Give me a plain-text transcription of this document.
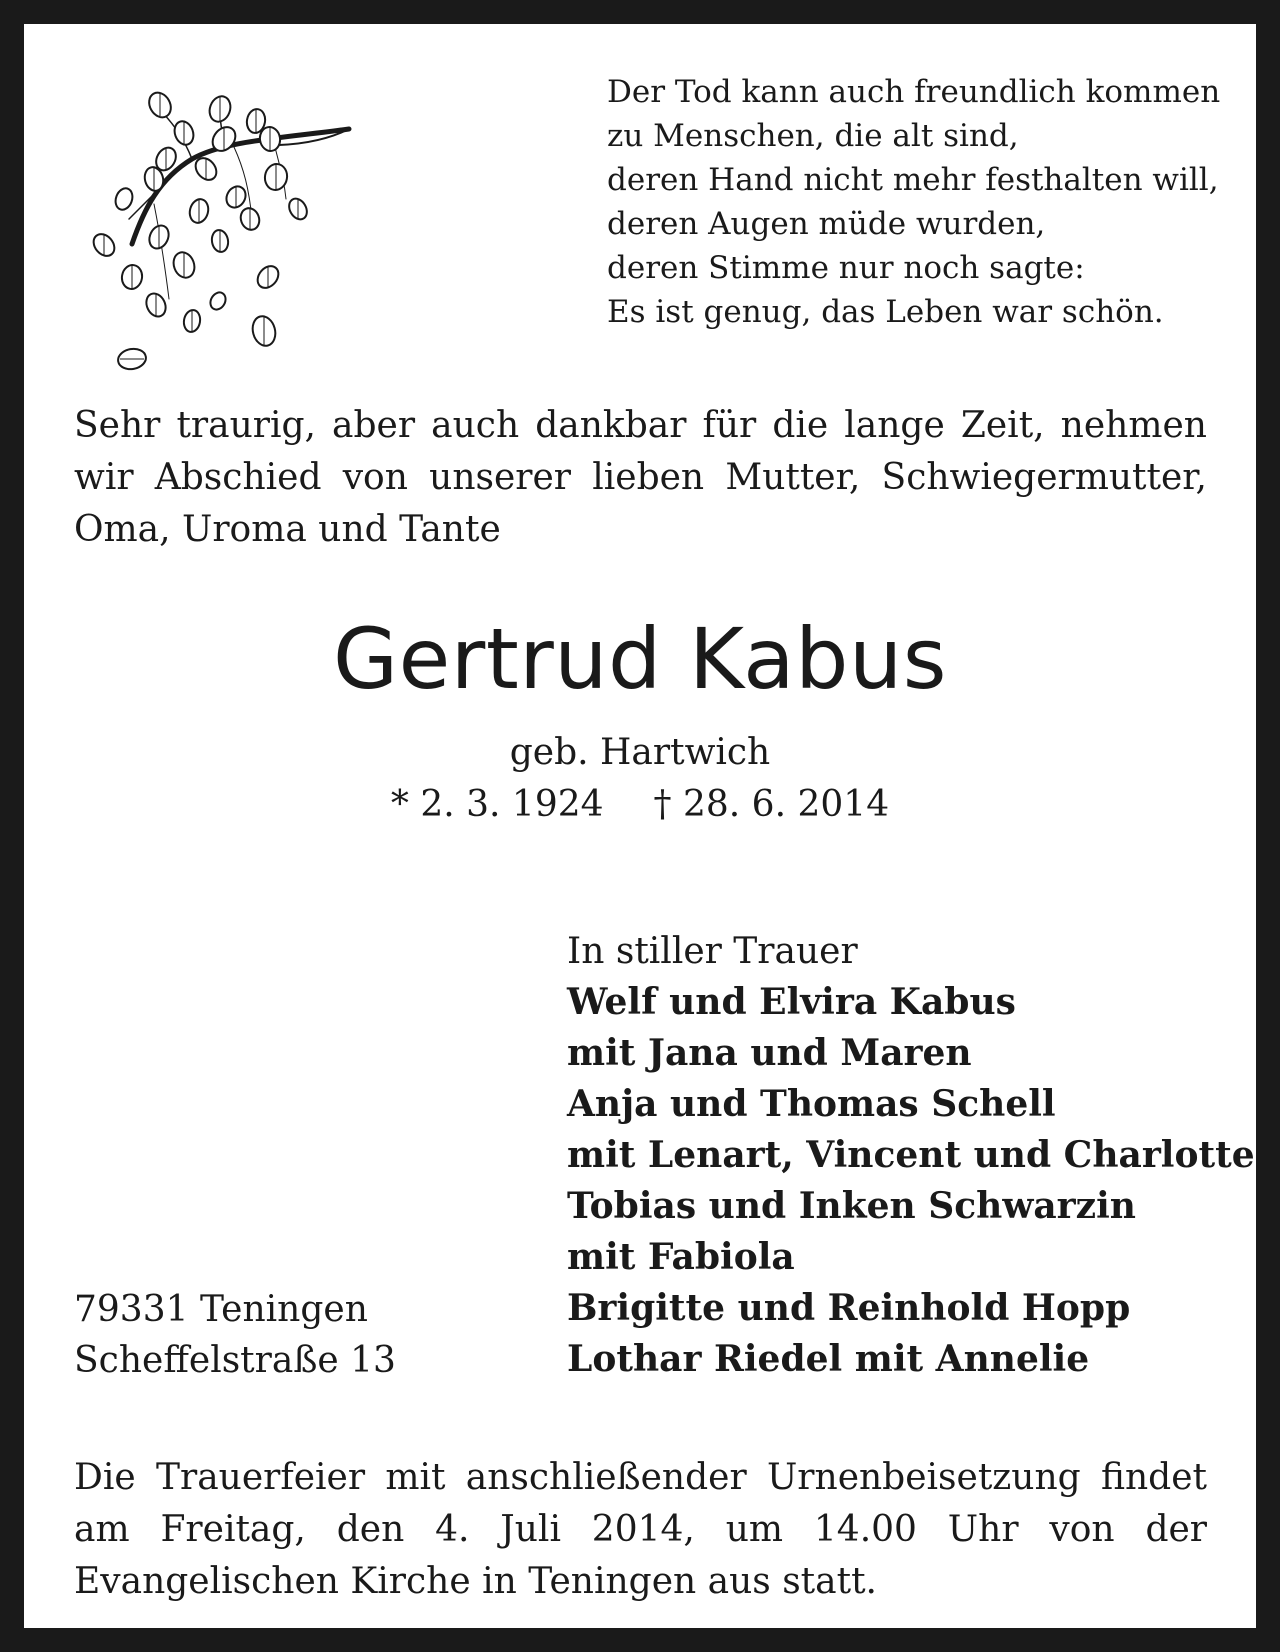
Der Tod kann auch freundlich kommen
zu Menschen, die alt sind,
deren Hand nicht mehr festhalten will,
deren Augen müde wurden,
deren Stimme nur noch sagte:
Es ist genug, das Leben war schön.

Sehr traurig, aber auch dankbar für die lange Zeit, nehmen wir Abschied von unserer lieben Mutter, Schwiegermutter, Oma, Uroma und Tante

Gertrud Kabus
geb. Hartwich
* 2. 3. 1924 † 28. 6. 2014
In stiller Trauer
Welf und Elvira Kabus
mit Jana und Maren
Anja und Thomas Schell
mit Lenart, Vincent und Charlotte
Tobias und Inken Schwarzin
mit Fabiola
Brigitte und Reinhold Hopp
Lothar Riedel mit Annelie
79331 Teningen
Scheffelstraße 13

Die Trauerfeier mit anschließender Urnenbeisetzung findet am Freitag, den 4. Juli 2014, um 14.00 Uhr von der Evangelischen Kirche in Teningen aus statt.
